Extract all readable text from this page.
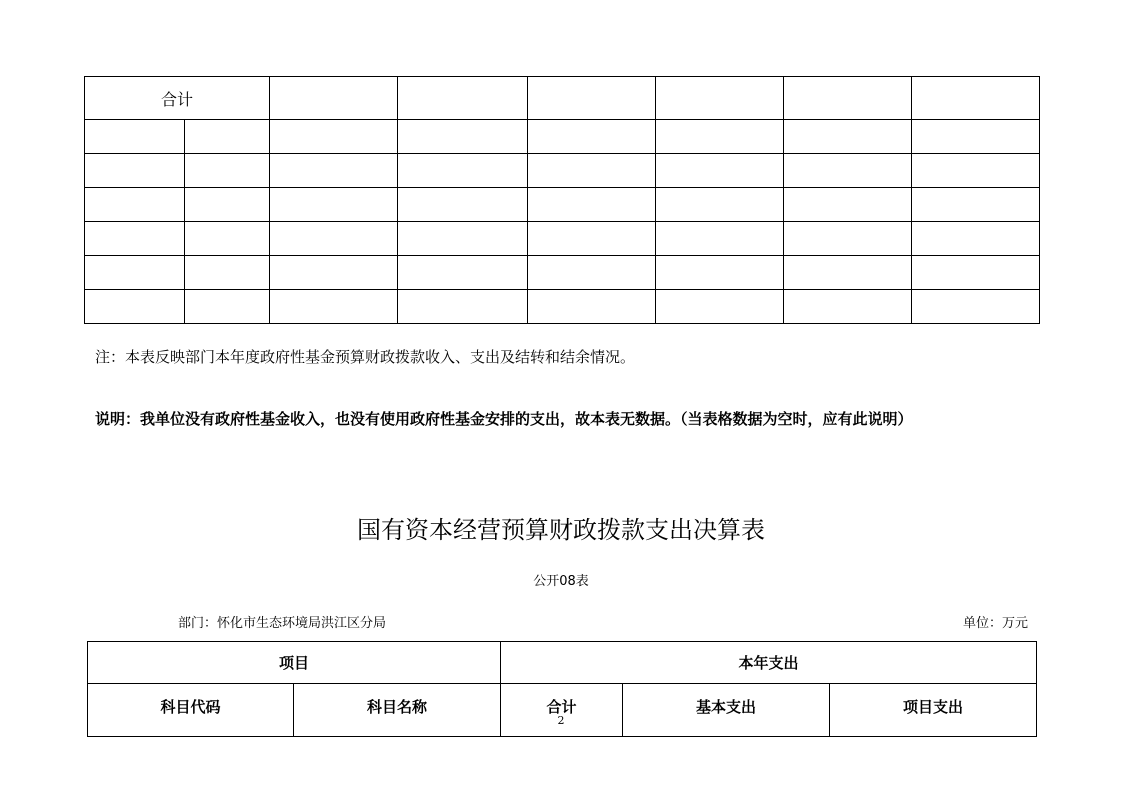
合计							

注：本表反映部门本年度政府性基金预算财政拨款收入、支出及结转和结余情况。
说明：我单位没有政府性基金收入，也没有使用政府性基金安排的支出，故本表无数据。（当表格数据为空时，应有此说明）
国有资本经营预算财政拨款支出决算表
公开08表
部门：怀化市生态环境局洪江区分局	单位：万元
项目		本年支出		
科目代码	科目名称	合计	基本支出	项目支出
2
